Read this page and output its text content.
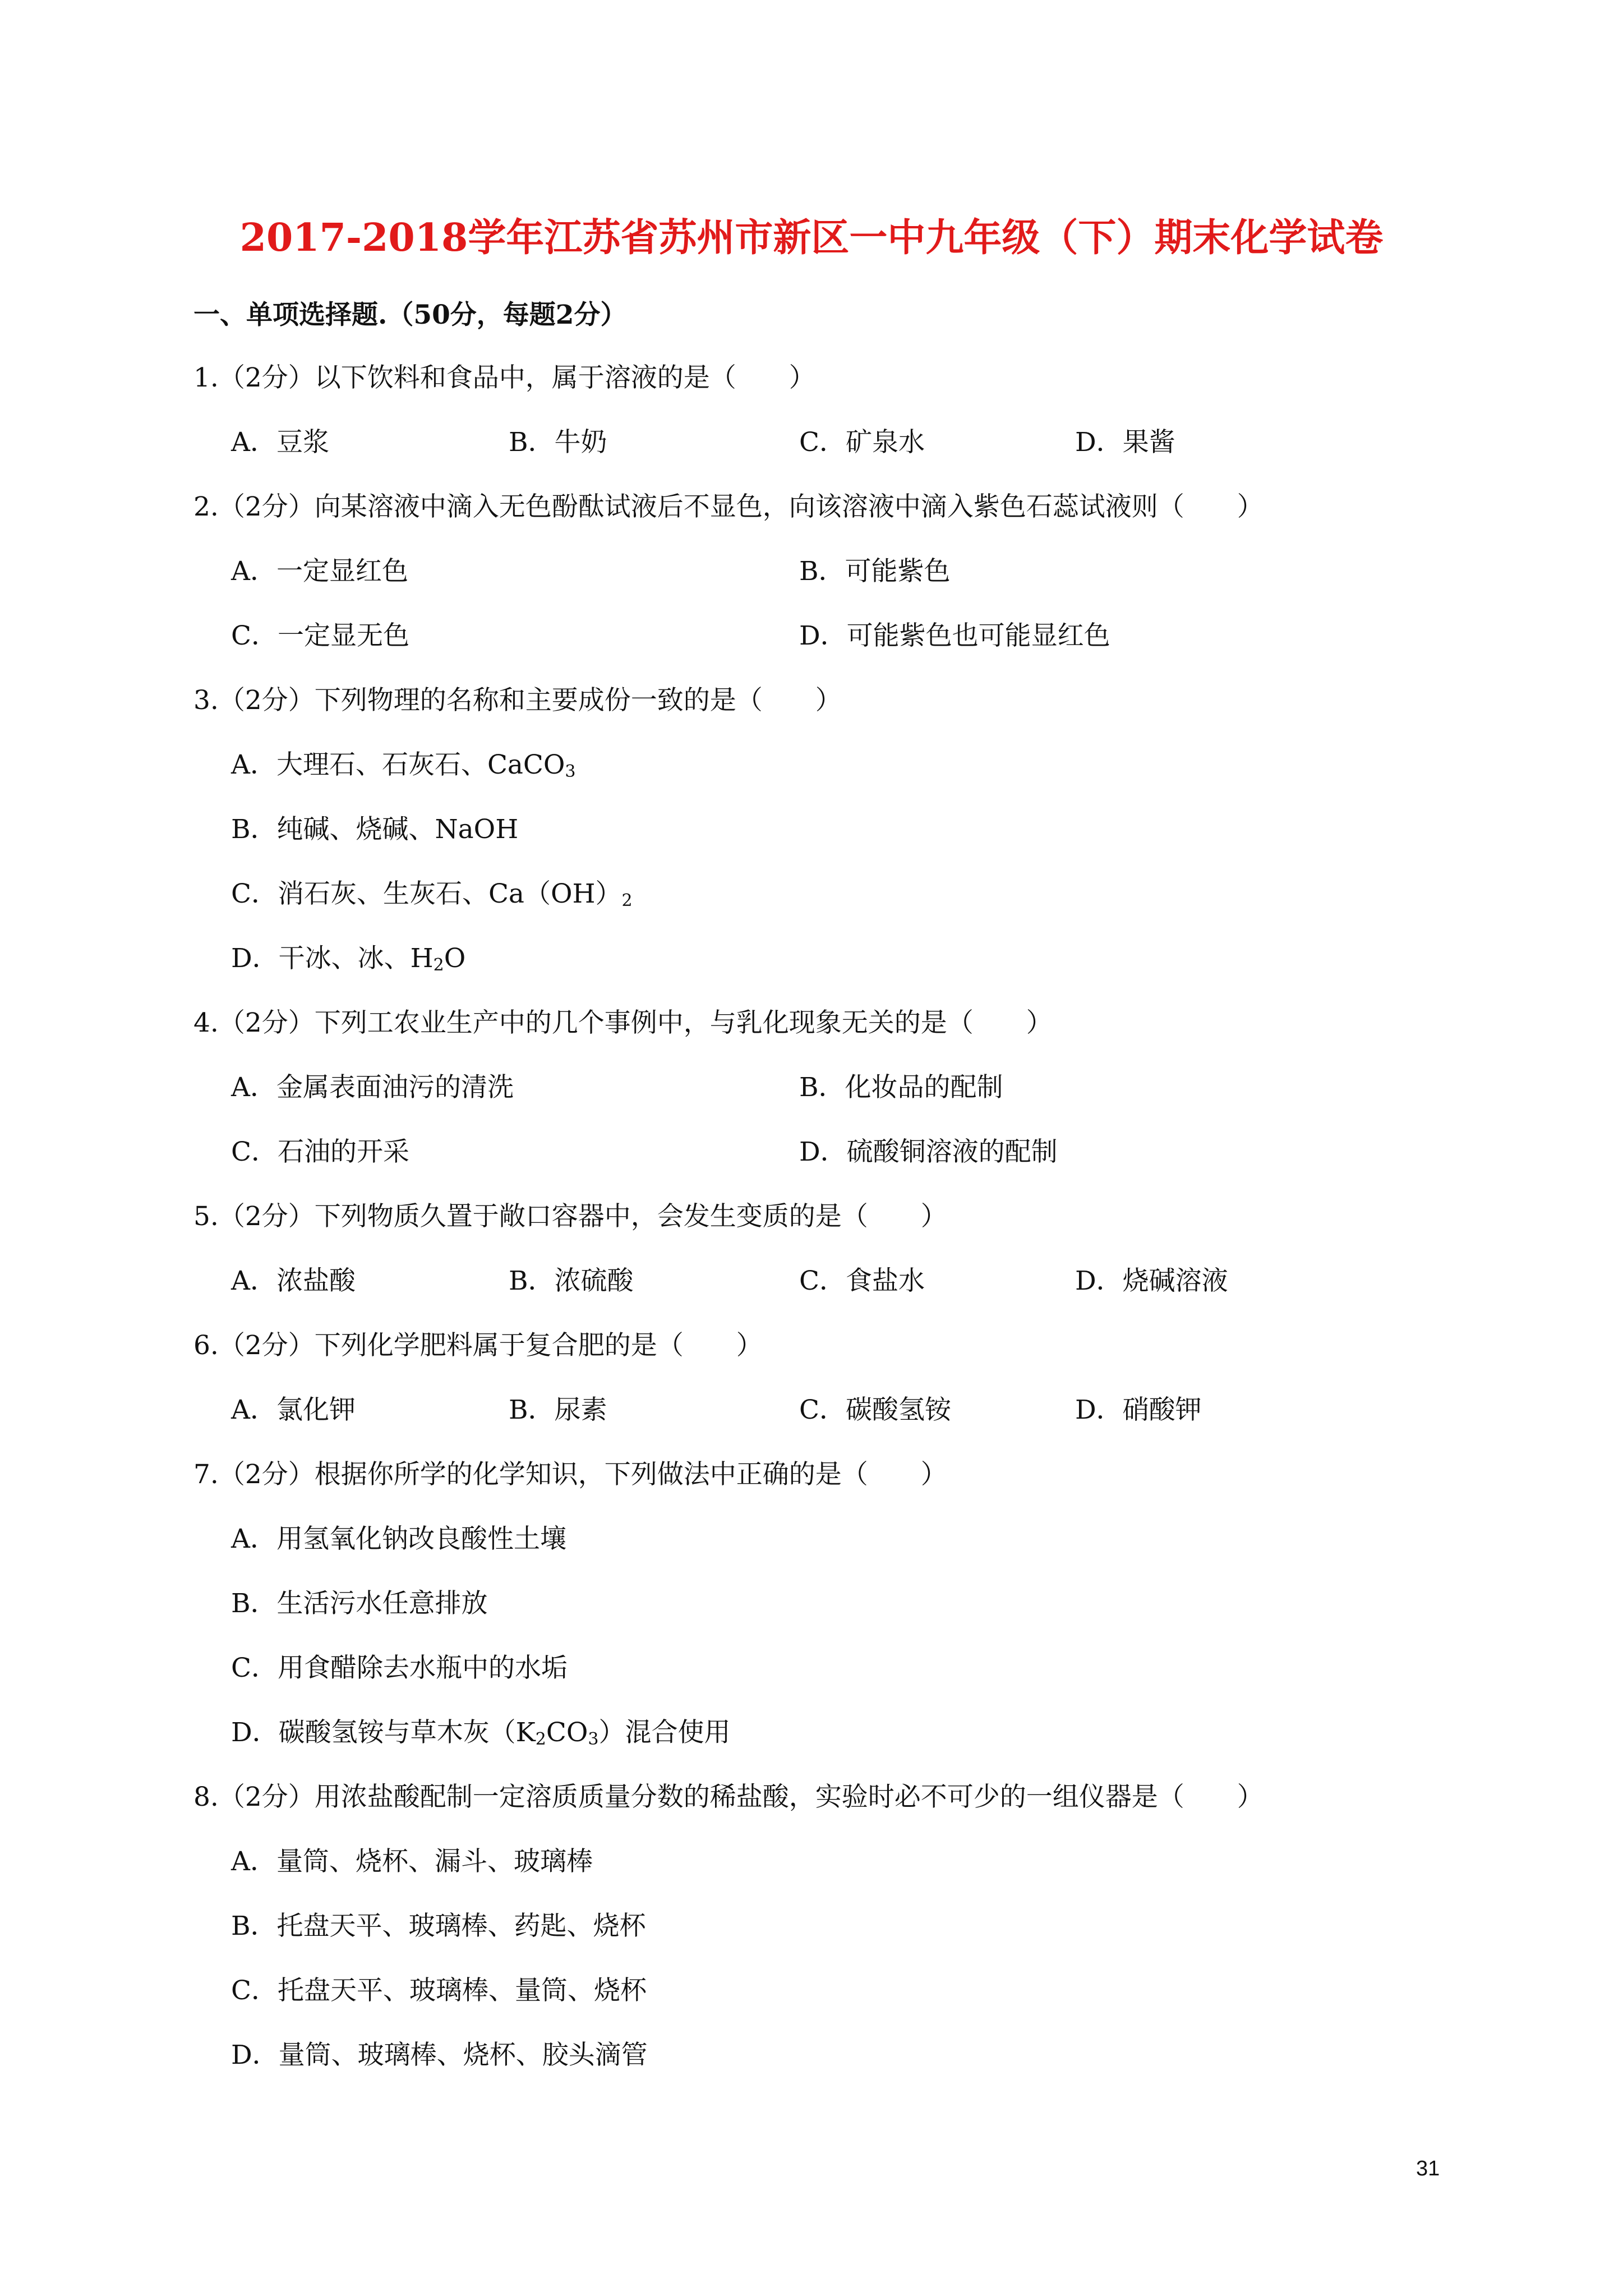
2017-2018学年江苏省苏州市新区一中九年级（下）期末化学试卷
一、单项选择题.（50分，每题2分）
1.（2分）以下饮料和食品中，属于溶液的是（　　）
A．豆浆	B．牛奶	C．矿泉水	D．果酱
2.（2分）向某溶液中滴入无色酚酞试液后不显色，向该溶液中滴入紫色石蕊试液则（　　）
A．一定显红色	B．可能紫色
C．一定显无色	D．可能紫色也可能显红色
3.（2分）下列物理的名称和主要成份一致的是（　　）
A．大理石、石灰石、CaCO$_3$
B．纯碱、烧碱、NaOH
C．消石灰、生灰石、$Ca(OH)_2$
D．干冰、冰、$H_2O$
4.（2分）下列工农业生产中的几个事例中，与乳化现象无关的是（　　）
A．金属表面油污的清洗	B．化妆品的配制
C．石油的开采	D．硫酸铜溶液的配制
5.（2分）下列物质久置于敞口容器中，会发生变质的是（　　）
A．浓盐酸	B．浓硫酸	C．食盐水	D．烧碱溶液
6.（2分）下列化学肥料属于复合肥的是（　　）
A．氯化钾	B．尿素	C．碳酸氢铵	D．硝酸钾
7.（2分）根据你所学的化学知识，下列做法中正确的是（　　）
A．用氢氧化钠改良酸性土壤
B．生活污水任意排放
C．用食醋除去水瓶中的水垢
D．碳酸氢铵与草木灰$(K_2CO_3)$混合使用
8.（2分）用浓盐酸配制一定溶质质量分数的稀盐酸，实验时必不可少的一组仪器是（　　）
A．量筒、烧杯、漏斗、玻璃棒
B．托盘天平、玻璃棒、药匙、烧杯
C．托盘天平、玻璃棒、量筒、烧杯
D．量筒、玻璃棒、烧杯、胶头滴管
31
